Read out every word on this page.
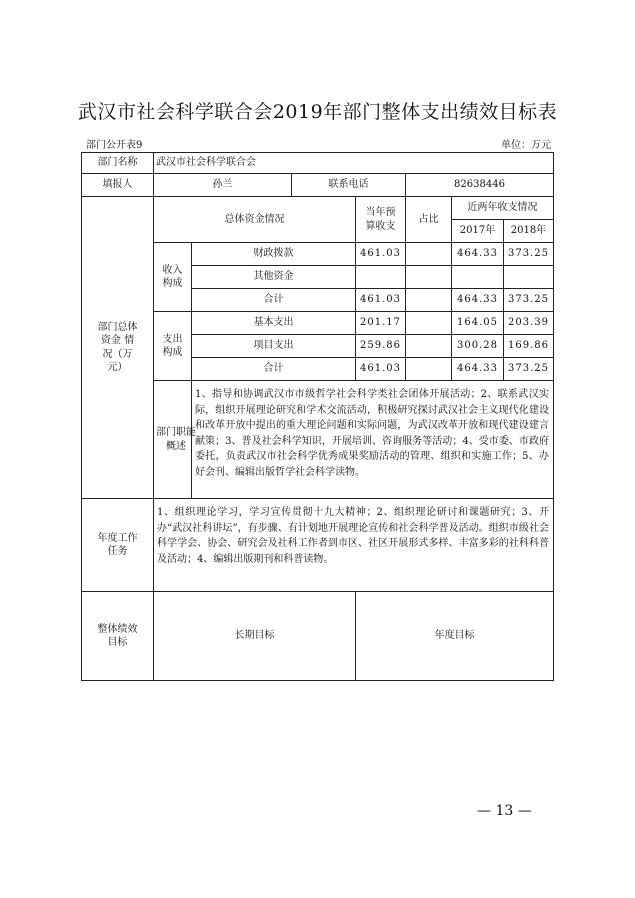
武汉市社会科学联合会2019年部门整体支出绩效目标表
部门公开表9	单位：万元
部门名称	武汉市社会科学联合会						
填报人	孙兰		联系电话		82638446		
部门总体资金 情况（万元）	总体资金情况			当年预算收支	占比	近两年收支情况	
						2017年	2018年
	收入构成	财政拨款		461.03		464.33	373.25
		其他资金					
		合计		461.03		464.33	373.25
	支出构成	基本支出		201.17		164.05	203.39
		项目支出		259.86		300.28	169.86
		合计		461.03		464.33	373.25
	部门职能概述	1、指导和协调武汉市市级哲学社会科学类社会团体开展活动；2、联系武汉实际，组织开展理论研究和学术交流活动，积极研究探讨武汉社会主义现代化建设和改革开放中提出的重大理论问题和实际问题，为武汉改革开放和现代建设建言献策；3、普及社会科学知识，开展培训、咨询服务等活动；4、受市委、市政府委托，负责武汉市社会科学优秀成果奖励活动的管理、组织和实施工作；5、办好会刊、编辑出版哲学社会科学读物。					
年度工作任务	1、组织理论学习，学习宣传贯彻十九大精神；2、组织理论研讨和课题研究；3、开办“武汉社科讲坛”，有步骤、有计划地开展理论宣传和社会科学普及活动。组织市级社会科学学会、协会、研究会及社科工作者到市区、社区开展形式多样、丰富多彩的社科科普及活动；4、编辑出版期刊和科普读物。						
整体绩效目标	长期目标			年度目标			
— 13 —
